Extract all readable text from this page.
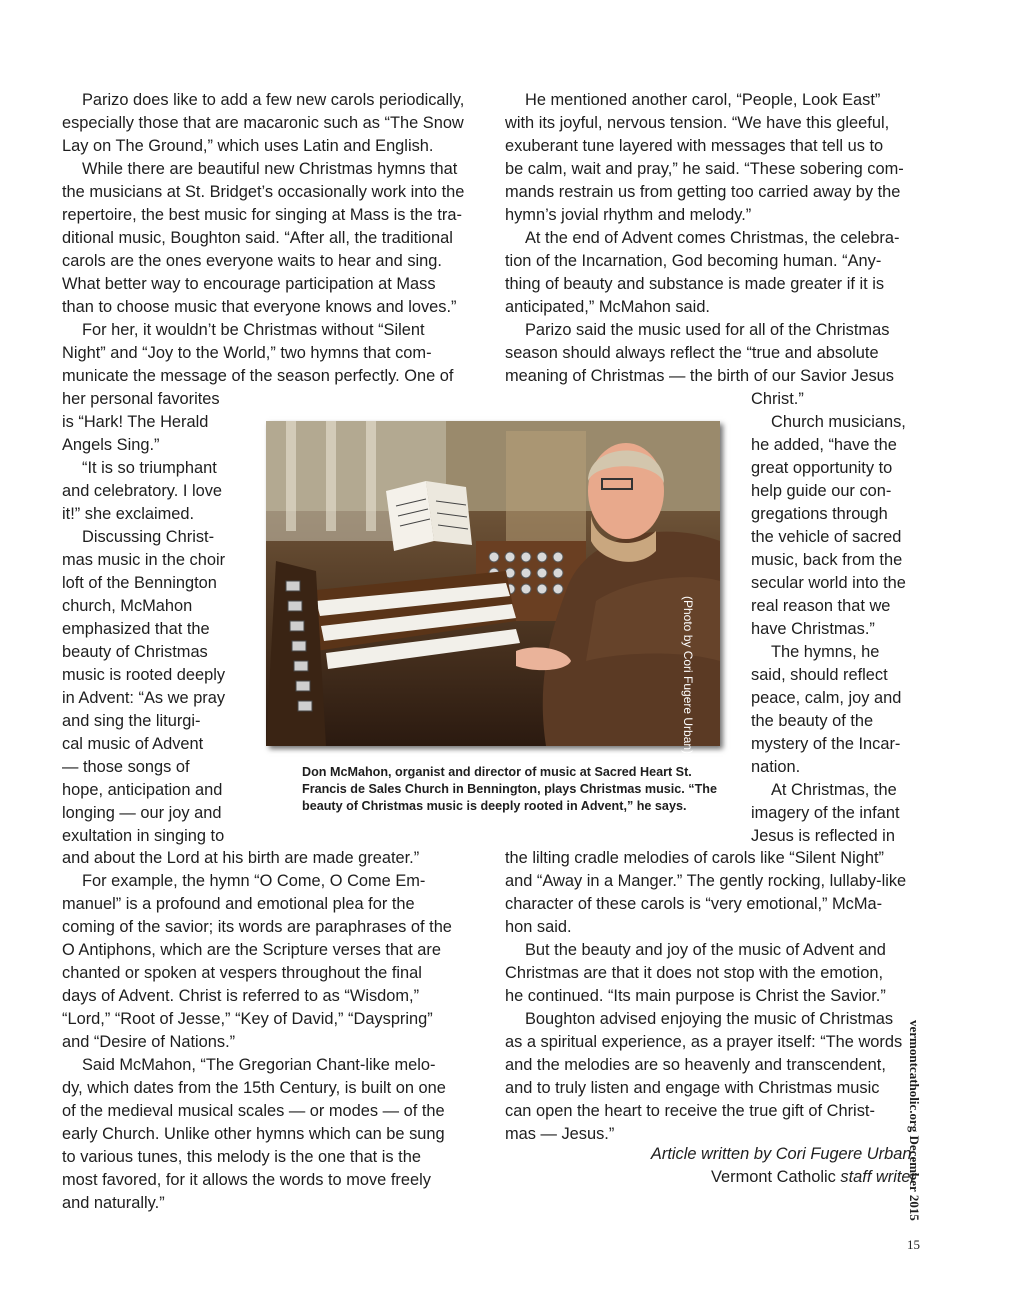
Parizo does like to add a few new carols periodically,
especially those that are macaronic such as “The Snow
Lay on The Ground,” which uses Latin and English.
While there are beautiful new Christmas hymns that
the musicians at St. Bridget’s occasionally work into the
repertoire, the best music for singing at Mass is the tra-
ditional music, Boughton said. “After all, the traditional
carols are the ones everyone waits to hear and sing.
What better way to encourage participation at Mass
than to choose music that everyone knows and loves.”
For her, it wouldn’t be Christmas without “Silent
Night” and “Joy to the World,” two hymns that com-
municate the message of the season perfectly. One of
her personal favorites
is “Hark! The Herald
Angels Sing.”
“It is so triumphant
and celebratory. I love
it!” she exclaimed.
Discussing Christ-
mas music in the choir
loft of the Bennington
church, McMahon
emphasized that the
beauty of Christmas
music is rooted deeply
in Advent: “As we pray
and sing the liturgi-
cal music of Advent
— those songs of
hope, anticipation and
longing — our joy and
exultation in singing to
and about the Lord at his birth are made greater.”
For example, the hymn “O Come, O Come Em-
manuel” is a profound and emotional plea for the
coming of the savior; its words are paraphrases of the
O Antiphons, which are the Scripture verses that are
chanted or spoken at vespers throughout the final
days of Advent. Christ is referred to as “Wisdom,”
“Lord,” “Root of Jesse,” “Key of David,” “Dayspring”
and “Desire of Nations.”
Said McMahon, “The Gregorian Chant-like melo-
dy, which dates from the 15th Century, is built on one
of the medieval musical scales — or modes — of the
early Church. Unlike other hymns which can be sung
to various tunes, this melody is the one that is the
most favored, for it allows the words to move freely
and naturally.”
He mentioned another carol, “People, Look East”
with its joyful, nervous tension. “We have this gleeful,
exuberant tune layered with messages that tell us to
be calm, wait and pray,” he said. “These sobering com-
mands restrain us from getting too carried away by the
hymn’s jovial rhythm and melody.”
At the end of Advent comes Christmas, the celebra-
tion of the Incarnation, God becoming human. “Any-
thing of beauty and substance is made greater if it is
anticipated,” McMahon said.
Parizo said the music used for all of the Christmas
season should always reflect the “true and absolute
meaning of Christmas — the birth of our Savior Jesus
Christ.”
Church musicians,
he added, “have the
great opportunity to
help guide our con-
gregations through
the vehicle of sacred
music, back from the
secular world into the
real reason that we
have Christmas.”
The hymns, he
said, should reflect
peace, calm, joy and
the beauty of the
mystery of the Incar-
nation.
At Christmas, the
imagery of the infant
Jesus is reflected in
the lilting cradle melodies of carols like “Silent Night”
and “Away in a Manger.” The gently rocking, lullaby-like
character of these carols is “very emotional,” McMa-
hon said.
But the beauty and joy of the music of Advent and
Christmas are that it does not stop with the emotion,
he continued. “Its main purpose is Christ the Savior.”
Boughton advised enjoying the music of Christmas
as a spiritual experience, as a prayer itself: “The words
and the melodies are so heavenly and transcendent,
and to truly listen and engage with Christmas music
can open the heart to receive the true gift of Christ-
mas — Jesus.”
(Photo by Cori Fugere Urban)
Don McMahon, organist and director of music at Sacred Heart St.
Francis de Sales Church in Bennington, plays Christmas music. “The
beauty of Christmas music is deeply rooted in Advent,” he says.
Article written by Cori Fugere Urban,
Vermont Catholic staff writer
vermontcatholic.org December 2015
15
